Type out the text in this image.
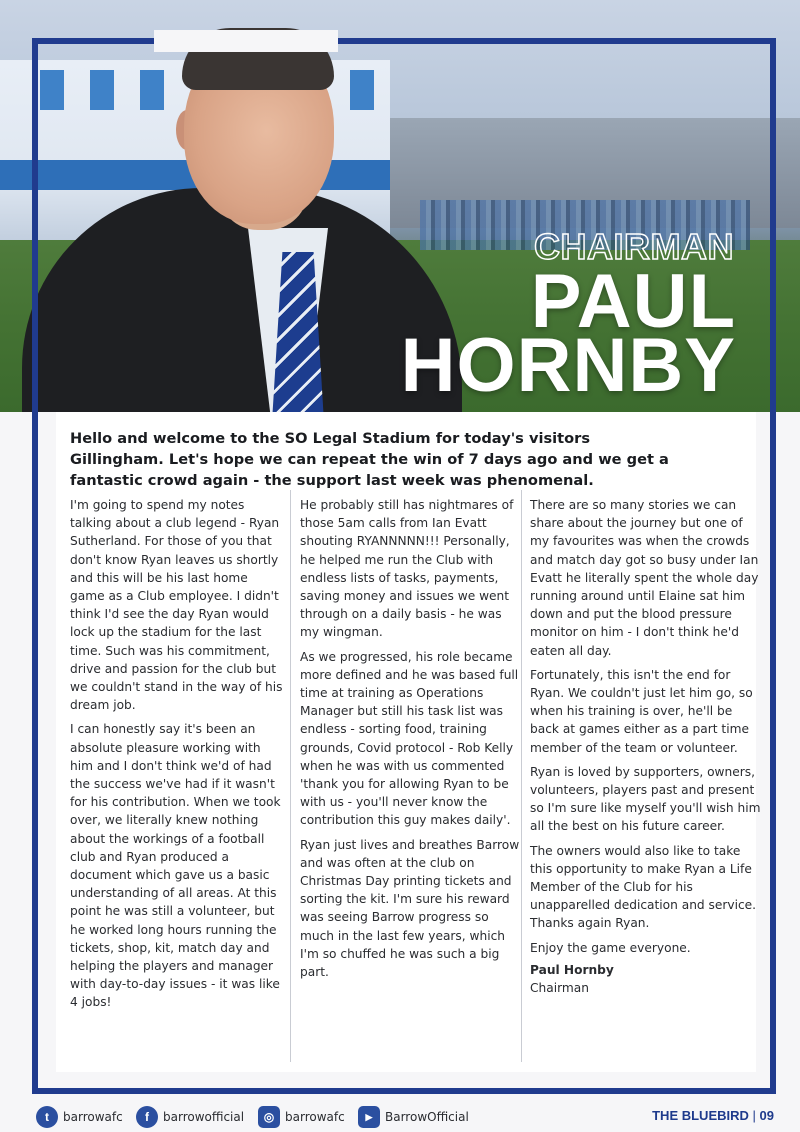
CHAIRMAN
PAUL
HORNBY
Hello and welcome to the SO Legal Stadium for today's visitors Gillingham. Let's hope we can repeat the win of 7 days ago and we get a fantastic crowd again - the support last week was phenomenal.

I'm going to spend my notes talking about a club legend - Ryan Sutherland. For those of you that don't know Ryan leaves us shortly and this will be his last home game as a Club employee. I didn't think I'd see the day Ryan would lock up the stadium for the last time. Such was his commitment, drive and passion for the club but we couldn't stand in the way of his dream job.

I can honestly say it's been an absolute pleasure working with him and I don't think we'd of had the success we've had if it wasn't for his contribution. When we took over, we literally knew nothing about the workings of a football club and Ryan produced a document which gave us a basic understanding of all areas. At this point he was still a volunteer, but he worked long hours running the tickets, shop, kit, match day and helping the players and manager with day-to-day issues - it was like 4 jobs!

He probably still has nightmares of those 5am calls from Ian Evatt shouting RYANNNNN!!! Personally, he helped me run the Club with endless lists of tasks, payments, saving money and issues we went through on a daily basis - he was my wingman.

As we progressed, his role became more defined and he was based full time at training as Operations Manager but still his task list was endless - sorting food, training grounds, Covid protocol - Rob Kelly when he was with us commented 'thank you for allowing Ryan to be with us - you'll never know the contribution this guy makes daily'.

Ryan just lives and breathes Barrow and was often at the club on Christmas Day printing tickets and sorting the kit. I'm sure his reward was seeing Barrow progress so much in the last few years, which I'm so chuffed he was such a big part.

There are so many stories we can share about the journey but one of my favourites was when the crowds and match day got so busy under Ian Evatt he literally spent the whole day running around until Elaine sat him down and put the blood pressure monitor on him - I don't think he'd eaten all day.

Fortunately, this isn't the end for Ryan. We couldn't just let him go, so when his training is over, he'll be back at games either as a part time member of the team or volunteer.

Ryan is loved by supporters, owners, volunteers, players past and present so I'm sure like myself you'll wish him all the best on his future career.

The owners would also like to take this opportunity to make Ryan a Life Member of the Club for his unapparelled dedication and service. Thanks again Ryan.

Enjoy the game everyone.

Paul Hornby
Chairman
t	barrowafc	f	barrowofficial	◎ barrowafc	▶	BarrowOfficial	THE BLUEBIRD | 09
